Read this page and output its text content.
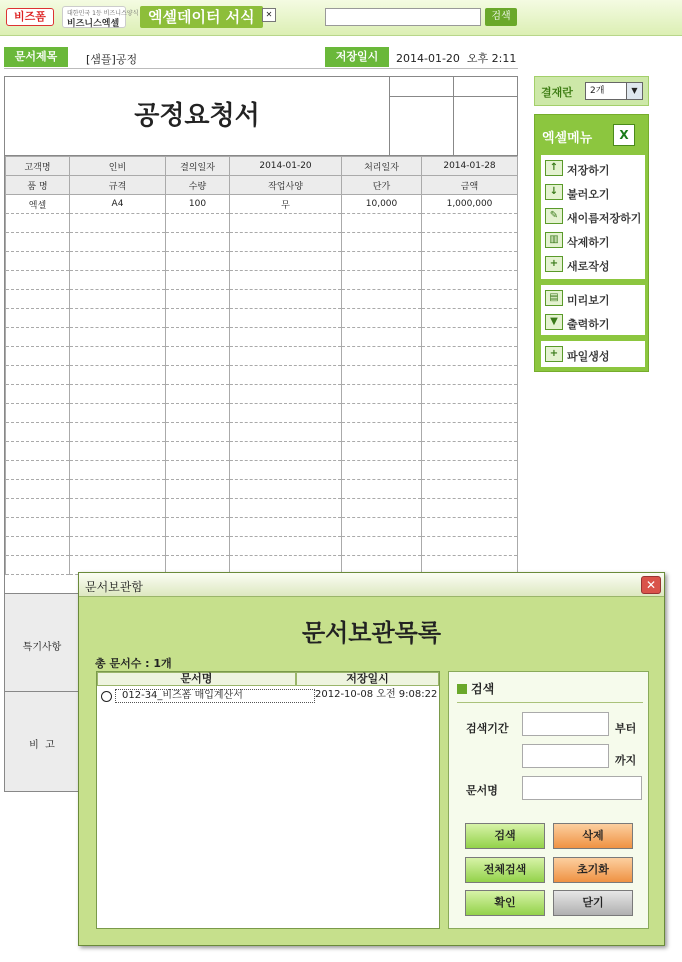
비즈폼	대한민국 1등 비즈니스양식
비즈니스엑셀	엑셀데이터 서식	✕	검색
문서제목	[샘플]공정	저장일시	2014-01-20  오후 2:11
공정요청서
고객명	인비	결의일자	2014-01-20	처리일자	2014-01-28
품 명	규격	수량	작업사양	단가	금액
엑셀	A4	100	무	10,000	1,000,000

특기사항
비  고
결재란	2개	▼
엑셀메뉴	X
↑ 저장하기
↓ 불러오기
✎ 새이름저장하기
▥ 삭제하기
+ 새로작성
▤ 미리보기
▼ 출력하기
+ 파일생성
문서보관함	✕
문서보관목록
총 문서수 : 1개
문서명	저장일시
012-34_비즈폼 매입계산서	2012-10-08 오전 9:08:22	검색
검색기간	부터
까지
문서명
검색	삭제
전체검색	초기화
확인	닫기
